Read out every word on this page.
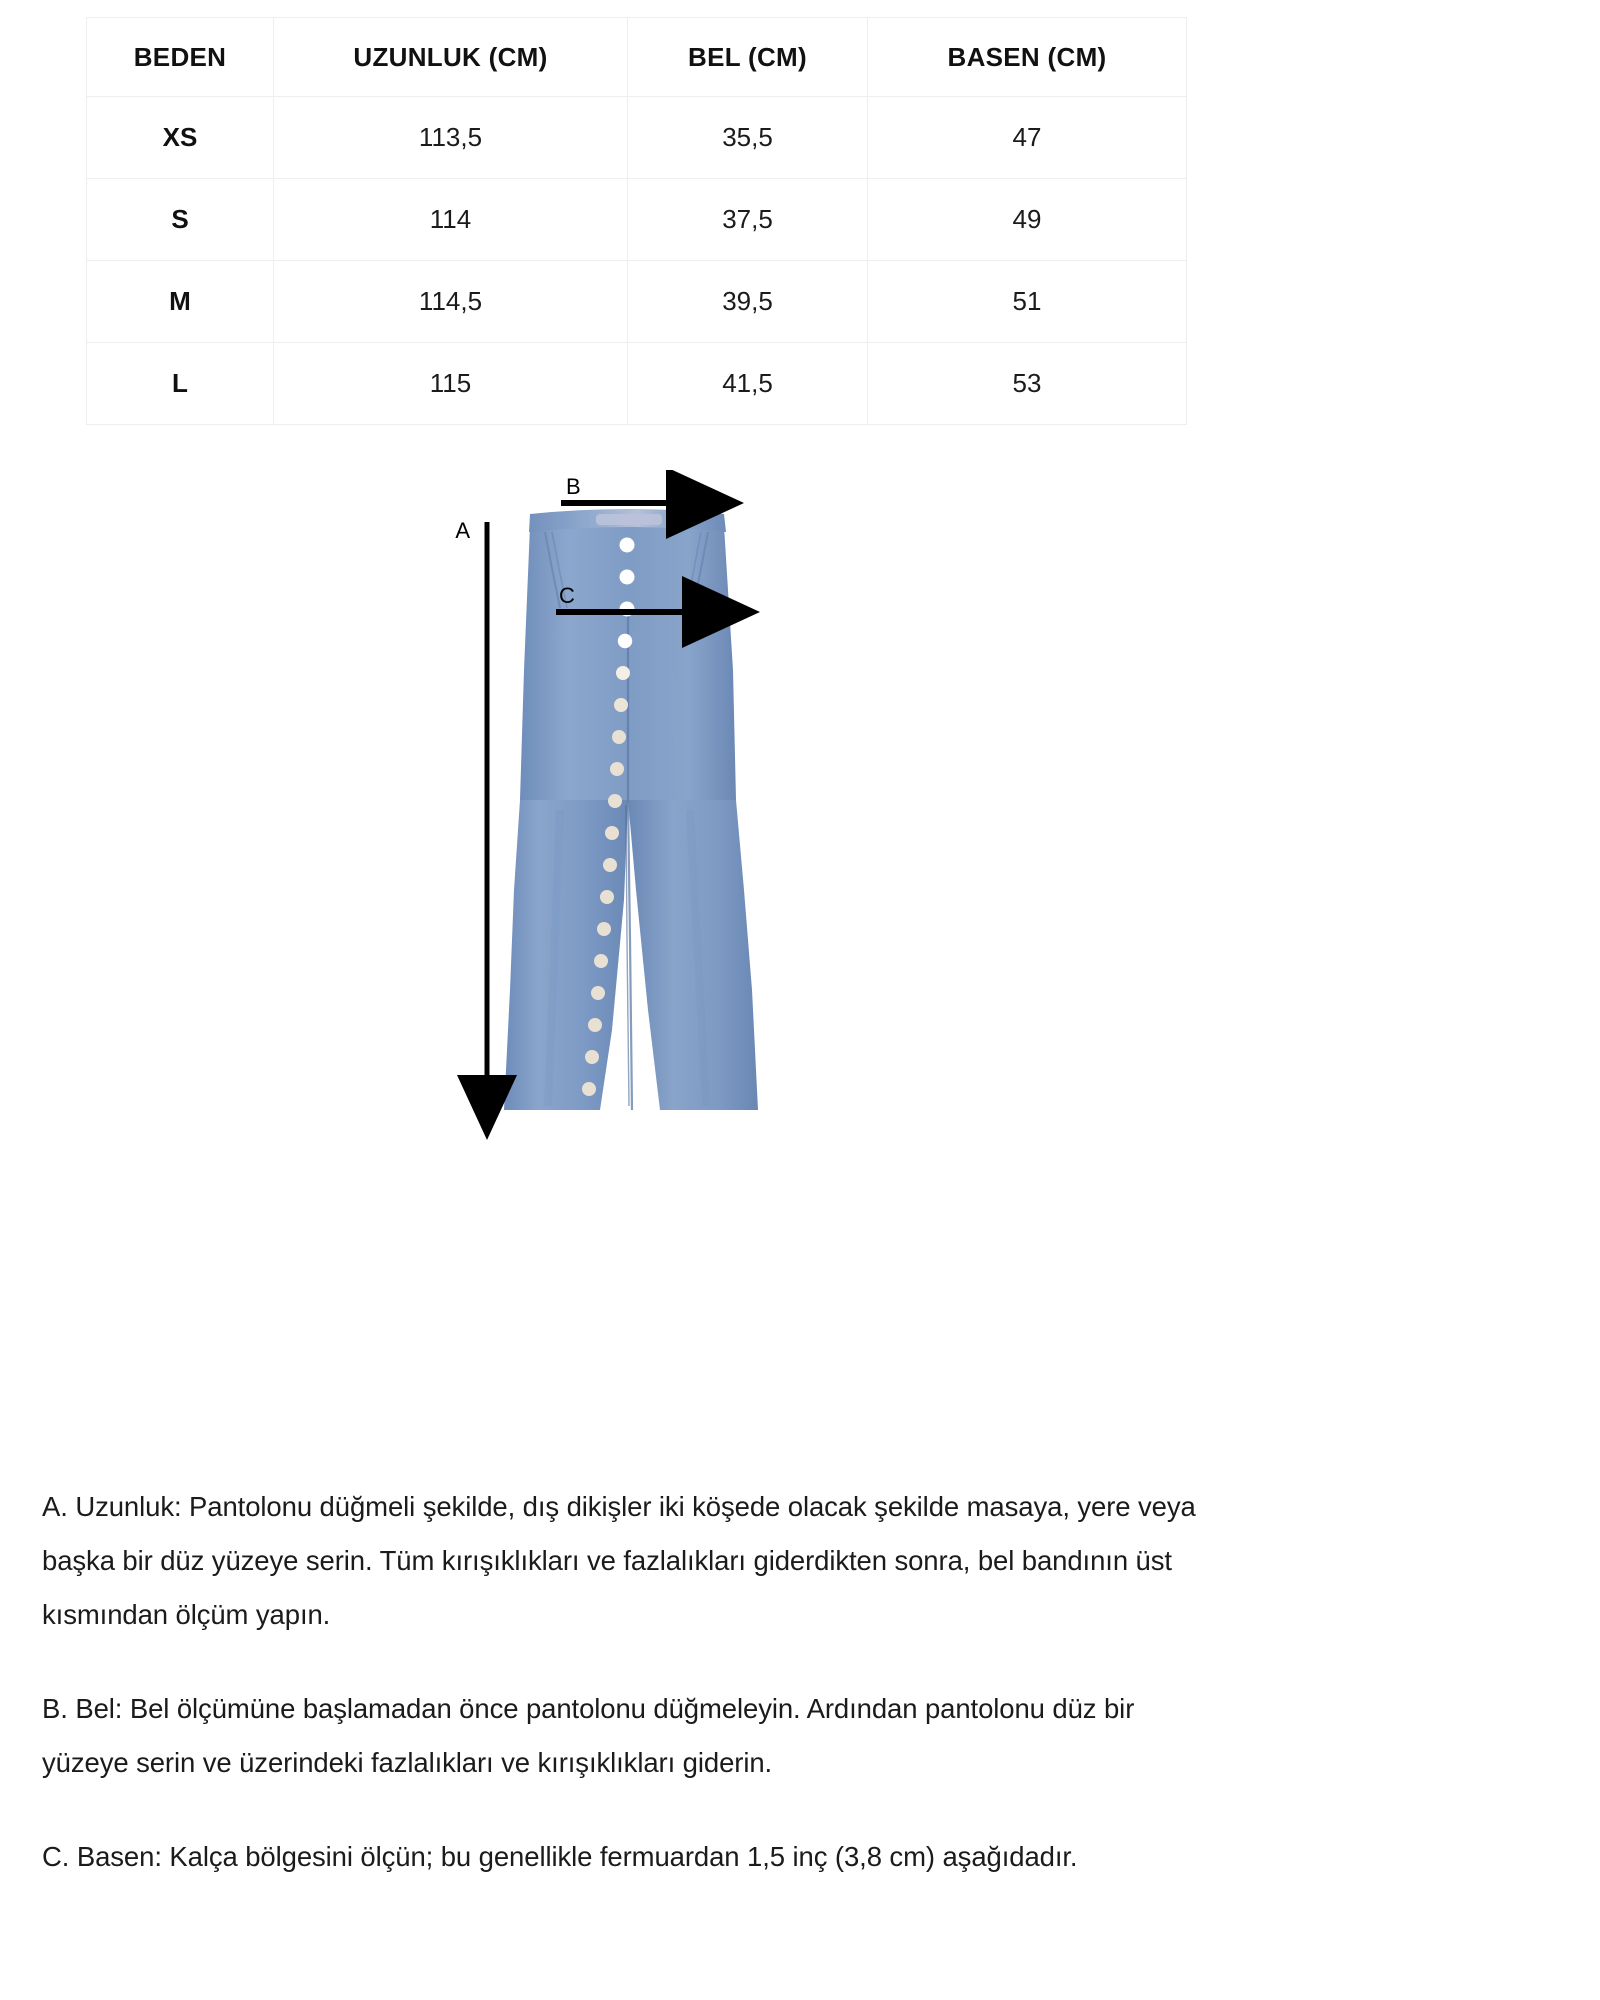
BEDEN	UZUNLUK (CM)	BEL (CM)	BASEN (CM)
XS	113,5	35,5	47
S	114	37,5	49
M	114,5	39,5	51
L	115	41,5	53
A
B
C

A. Uzunluk: Pantolonu düğmeli şekilde, dış dikişler iki köşede olacak şekilde masaya, yere veya başka bir düz yüzeye serin. Tüm kırışıklıkları ve fazlalıkları giderdikten sonra, bel bandının üst kısmından ölçüm yapın.

B. Bel: Bel ölçümüne başlamadan önce pantolonu düğmeleyin. Ardından pantolonu düz bir yüzeye serin ve üzerindeki fazlalıkları ve kırışıklıkları giderin.

C. Basen: Kalça bölgesini ölçün; bu genellikle fermuardan 1,5 inç (3,8 cm) aşağıdadır.
